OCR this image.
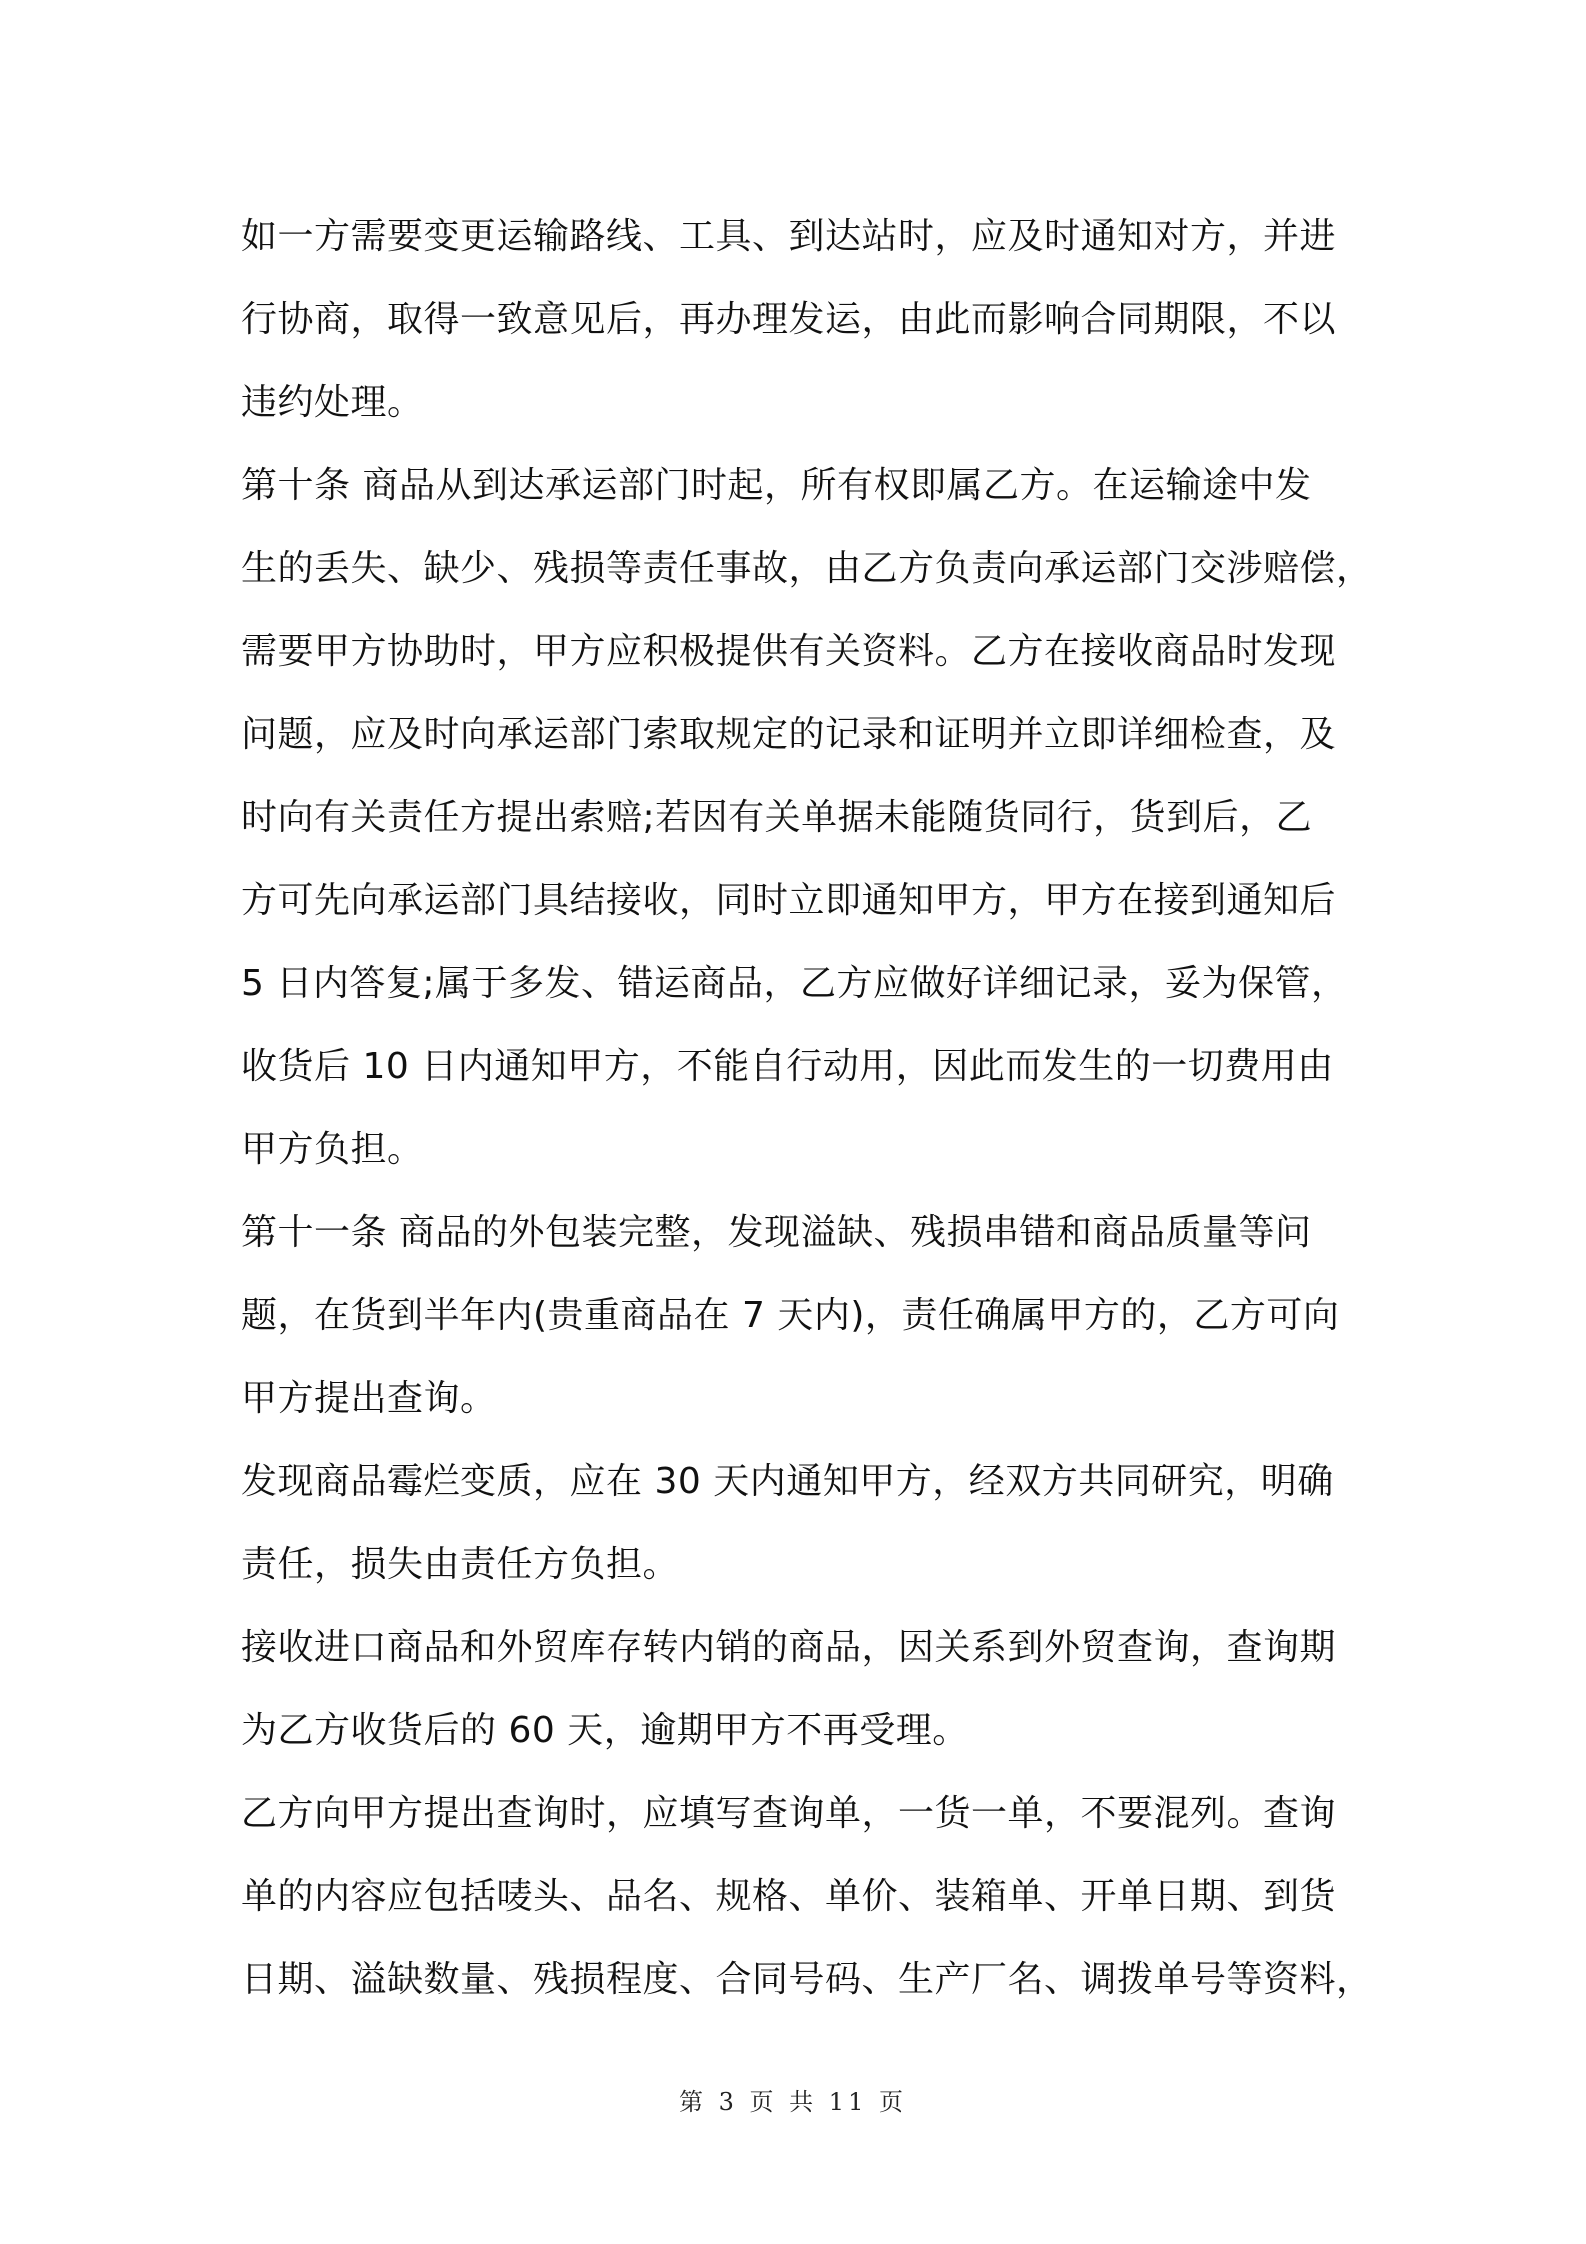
如一方需要变更运输路线、工具、到达站时，应及时通知对方，并进
行协商，取得一致意见后，再办理发运，由此而影响合同期限，不以
违约处理。
第十条 商品从到达承运部门时起，所有权即属乙方。在运输途中发
生的丢失、缺少、残损等责任事故，由乙方负责向承运部门交涉赔偿，
需要甲方协助时，甲方应积极提供有关资料。乙方在接收商品时发现
问题，应及时向承运部门索取规定的记录和证明并立即详细检查，及
时向有关责任方提出索赔;若因有关单据未能随货同行，货到后，乙
方可先向承运部门具结接收，同时立即通知甲方，甲方在接到通知后
5 日内答复;属于多发、错运商品，乙方应做好详细记录，妥为保管，
收货后 10 日内通知甲方，不能自行动用，因此而发生的一切费用由
甲方负担。
第十一条 商品的外包装完整，发现溢缺、残损串错和商品质量等问
题，在货到半年内(贵重商品在 7 天内)，责任确属甲方的，乙方可向
甲方提出查询。
发现商品霉烂变质，应在 30 天内通知甲方，经双方共同研究，明确
责任，损失由责任方负担。
接收进口商品和外贸库存转内销的商品，因关系到外贸查询，查询期
为乙方收货后的 60 天，逾期甲方不再受理。
乙方向甲方提出查询时，应填写查询单，一货一单，不要混列。查询
单的内容应包括唛头、品名、规格、单价、装箱单、开单日期、到货
日期、溢缺数量、残损程度、合同号码、生产厂名、调拨单号等资料，
第 3 页 共 11 页
